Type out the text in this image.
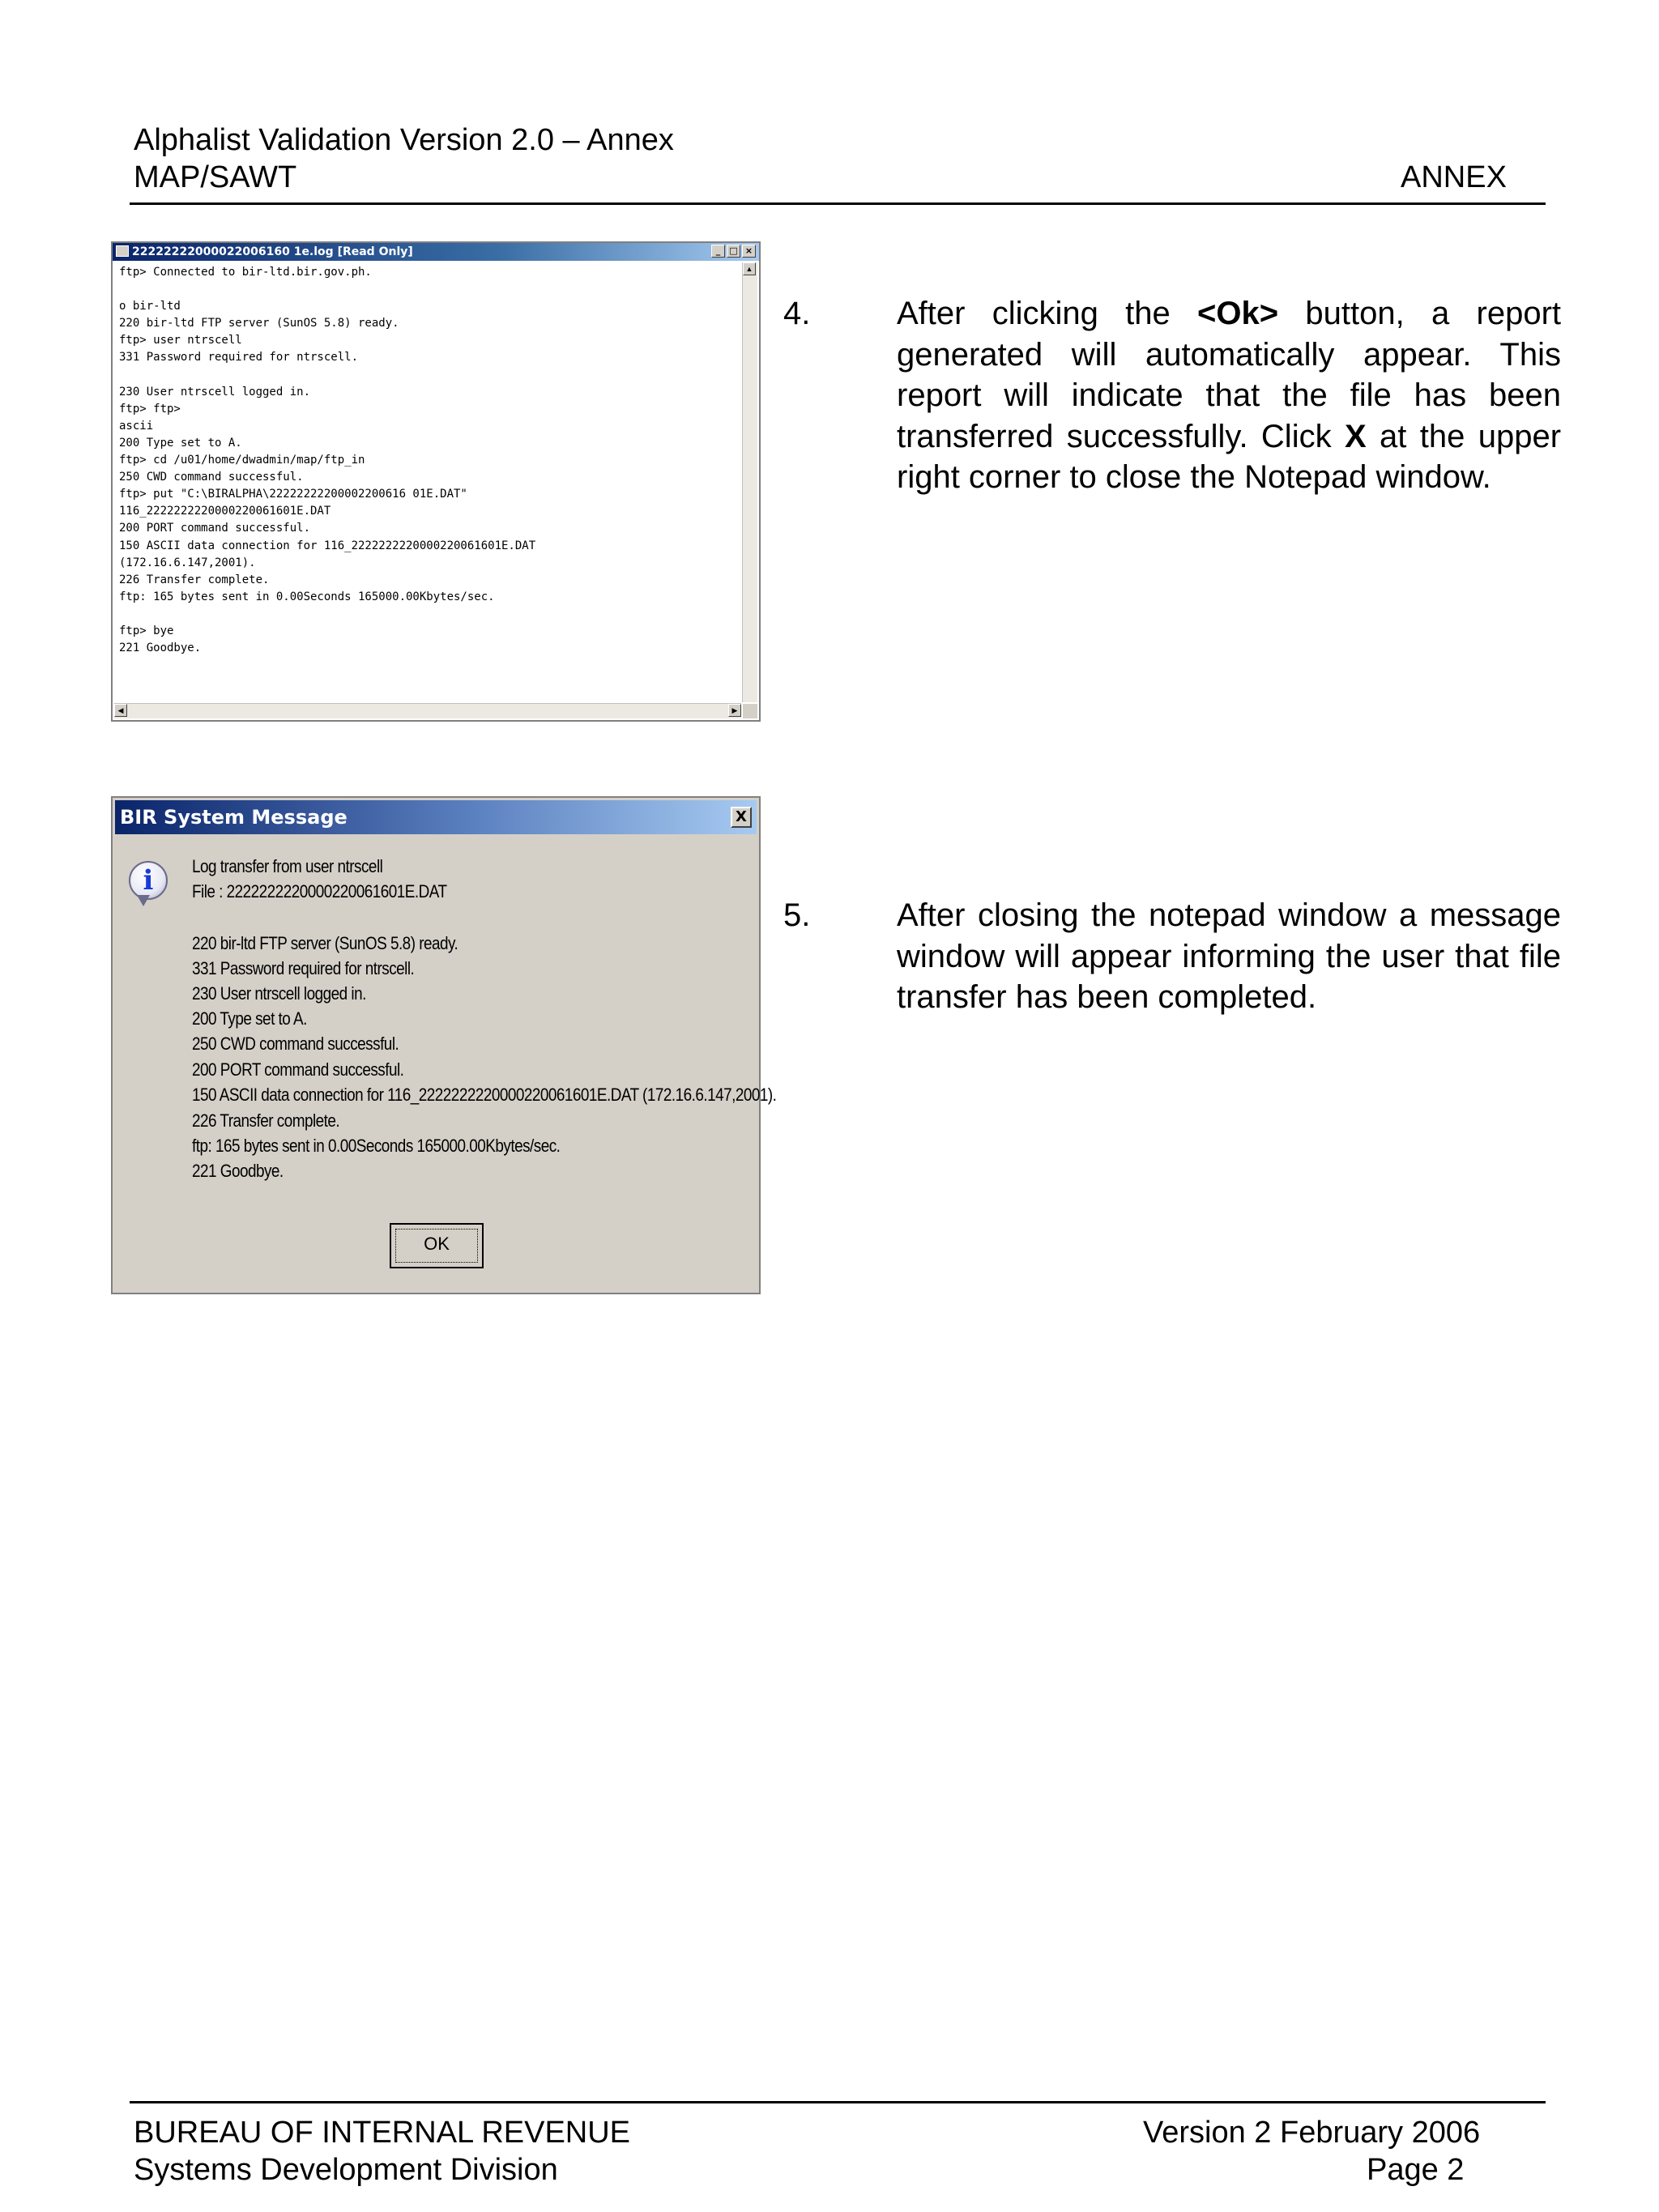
Alphalist Validation Version 2.0 – Annex
MAP/SAWT	ANNEX
22222222000022006160 1e.log [Read Only]	_	□ ×
ftp> Connected to bir-ltd.bir.gov.ph.
o bir-ltd
220 bir-ltd FTP server (SunOS 5.8) ready.
ftp> user ntrscell
331 Password required for ntrscell.
230 User ntrscell logged in.
ftp> ftp>
ascii
200 Type set to A.
ftp> cd /u01/home/dwadmin/map/ftp_in
250 CWD command successful.
ftp> put "C:\BIRALPHA\22222222200002200616 01E.DAT"
116_2222222220000220061601E.DAT
200 PORT command successful.
150 ASCII data connection for 116_2222222220000220061601E.DAT
(172.16.6.147,2001).
226 Transfer complete.
ftp: 165 bytes sent in 0.00Seconds 165000.00Kbytes/sec.
ftp> bye
221 Goodbye.
▲
◀	▶
4.	After clicking the <Ok> button, a report generated will automatically appear. This report will indicate that the file has been transferred successfully. Click X at the upper right corner to close the Notepad window.
BIR System Message	X
i	Log transfer from user ntrscell
File : 2222222220000220061601E.DAT
220 bir-ltd FTP server (SunOS 5.8) ready.
331 Password required for ntrscell.
230 User ntrscell logged in.
200 Type set to A.
250 CWD command successful.
200 PORT command successful.
150 ASCII data connection for 116_2222222220000220061601E.DAT (172.16.6.147,2001).
226 Transfer complete.
ftp: 165 bytes sent in 0.00Seconds 165000.00Kbytes/sec.
221 Goodbye.
OK
5.	After closing the notepad window a message window will appear informing the user that file transfer has been completed.
BUREAU OF INTERNAL REVENUE
Systems Development Division
Version 2 February 2006
Page 2
